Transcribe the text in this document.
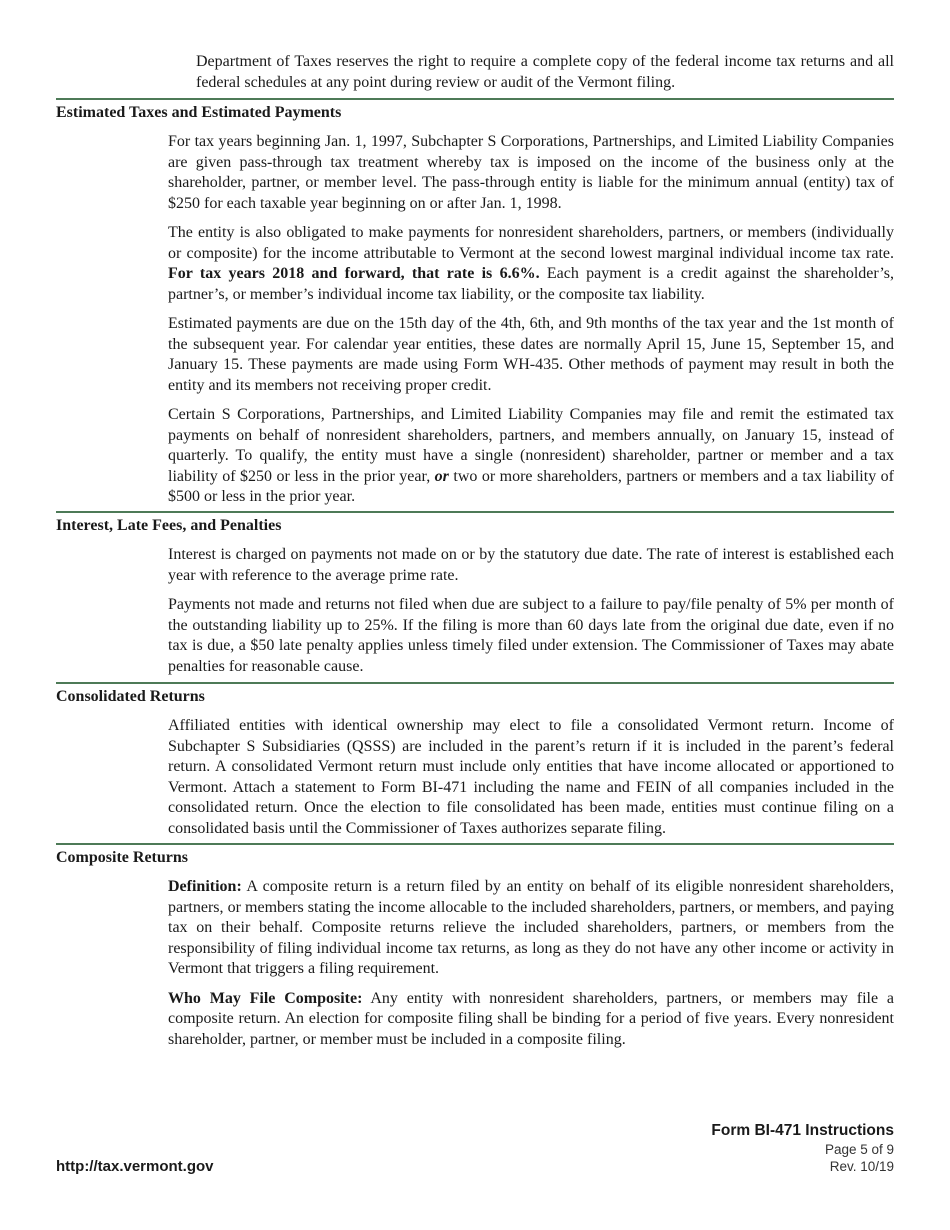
Department of Taxes reserves the right to require a complete copy of the federal income tax returns and all federal schedules at any point during review or audit of the Vermont filing.

Estimated Taxes and Estimated Payments

For tax years beginning Jan. 1, 1997, Subchapter S Corporations, Partnerships, and Limited Liability Companies are given pass-through tax treatment whereby tax is imposed on the income of the business only at the shareholder, partner, or member level. The pass-through entity is liable for the minimum annual (entity) tax of $250 for each taxable year beginning on or after Jan. 1, 1998.

The entity is also obligated to make payments for nonresident shareholders, partners, or members (individually or composite) for the income attributable to Vermont at the second lowest marginal individual income tax rate. For tax years 2018 and forward, that rate is 6.6%. Each payment is a credit against the shareholder’s, partner’s, or member’s individual income tax liability, or the composite tax liability.

Estimated payments are due on the 15th day of the 4th, 6th, and 9th months of the tax year and the 1st month of the subsequent year. For calendar year entities, these dates are normally April 15, June 15, September 15, and January 15. These payments are made using Form WH-435. Other methods of payment may result in both the entity and its members not receiving proper credit.

Certain S Corporations, Partnerships, and Limited Liability Companies may file and remit the estimated tax payments on behalf of nonresident shareholders, partners, and members annually, on January 15, instead of quarterly. To qualify, the entity must have a single (nonresident) shareholder, partner or member and a tax liability of $250 or less in the prior year, or two or more shareholders, partners or members and a tax liability of $500 or less in the prior year.

Interest, Late Fees, and Penalties

Interest is charged on payments not made on or by the statutory due date. The rate of interest is established each year with reference to the average prime rate.

Payments not made and returns not filed when due are subject to a failure to pay/file penalty of 5% per month of the outstanding liability up to 25%. If the filing is more than 60 days late from the original due date, even if no tax is due, a $50 late penalty applies unless timely filed under extension. The Commissioner of Taxes may abate penalties for reasonable cause.

Consolidated Returns

Affiliated entities with identical ownership may elect to file a consolidated Vermont return. Income of Subchapter S Subsidiaries (QSSS) are included in the parent’s return if it is included in the parent’s federal return. A consolidated Vermont return must include only entities that have income allocated or apportioned to Vermont. Attach a statement to Form BI-471 including the name and FEIN of all companies included in the consolidated return. Once the election to file consolidated has been made, entities must continue filing on a consolidated basis until the Commissioner of Taxes authorizes separate filing.

Composite Returns

Definition: A composite return is a return filed by an entity on behalf of its eligible nonresident shareholders, partners, or members stating the income allocable to the included shareholders, partners, or members, and paying tax on their behalf. Composite returns relieve the included shareholders, partners, or members from the responsibility of filing individual income tax returns, as long as they do not have any other income or activity in Vermont that triggers a filing requirement.

Who May File Composite: Any entity with nonresident shareholders, partners, or members may file a composite return. An election for composite filing shall be binding for a period of five years. Every nonresident shareholder, partner, or member must be included in a composite filing.

http://tax.vermont.gov
Form BI-471 Instructions
Page 5 of 9
Rev. 10/19
